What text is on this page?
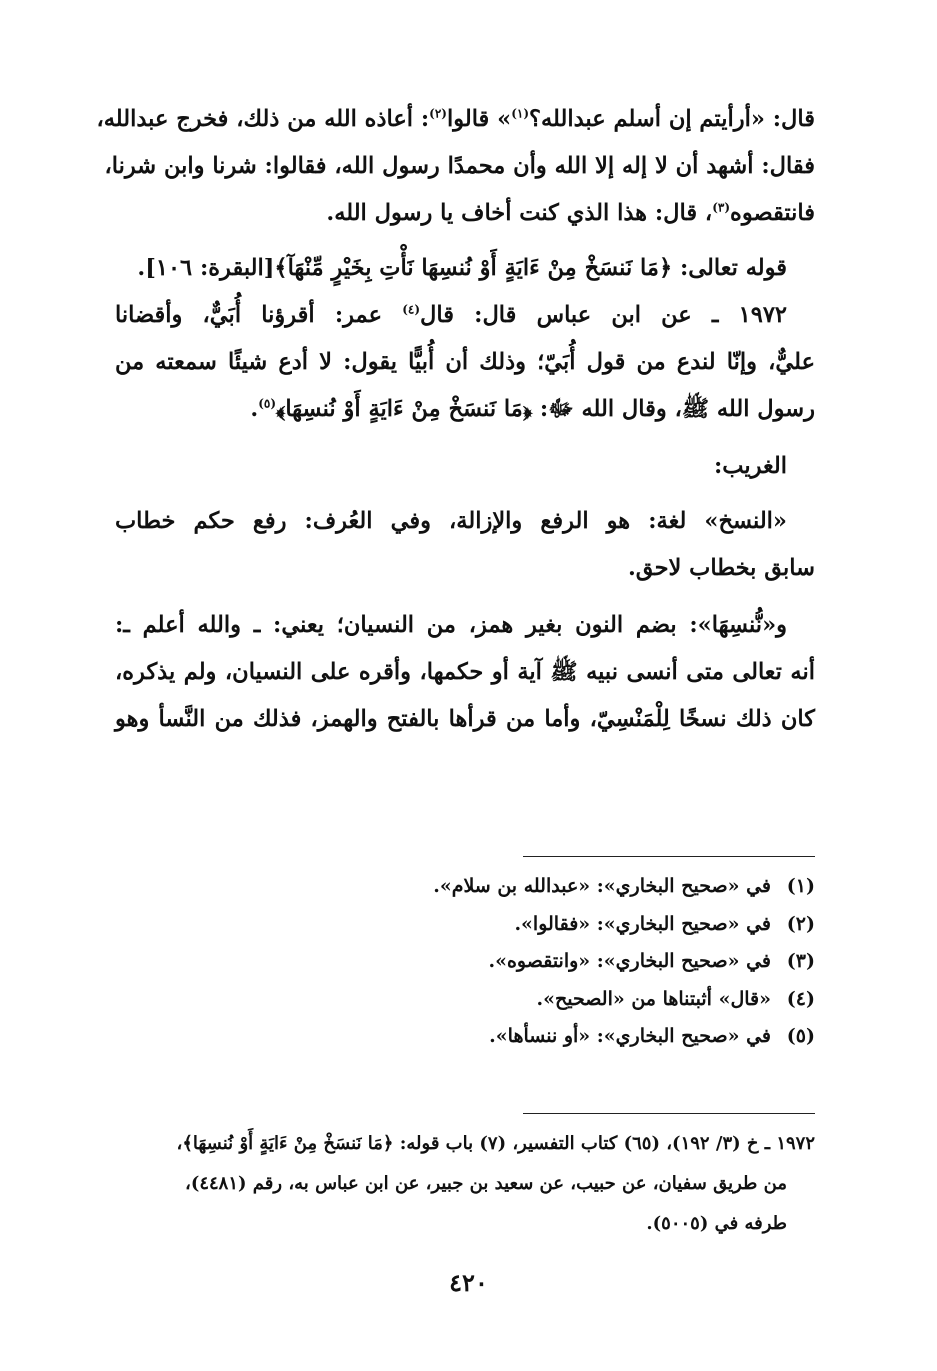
قال: «أرأيتم إن أسلم عبدالله؟$^{(١)}$» قالوا$^{(٢)}$: أعاذه الله من ذلك، فخرج عبدالله،
فقال: أشهد أن لا إله إلا الله وأن محمدًا رسول الله، فقالوا: شرنا وابن شرنا،
فانتقصوه$^{(٣)}$، قال: هذا الذي كنت أخاف يا رسول الله.

قوله تعالى: ﴿مَا نَنسَخْ مِنْ ءَايَةٍ أَوْ نُنسِهَا نَأْتِ بِخَيْرٍ مِّنْهَآ﴾[البقرة: ١٠٦].

١٩٧٢ ـ عن ابن عباس قال: قال$^{(٤)}$ عمر: أقرؤنا أُبَيٌّ، وأقضانا
عليٌّ، وإنّا لندع من قول أُبَيّ؛ وذلك أن أُبيًّا يقول: لا أدع شيئًا سمعته من
رسول الله ﷺ، وقال الله ﷻ: ﴿مَا نَنسَخْ مِنْ ءَايَةٍ أَوْ نُنسِهَا﴾$^{(٥)}$.

الغريب:

«النسخ» لغة: هو الرفع والإزالة، وفي العُرف: رفع حكم خطاب
سابق بخطاب لاحق.

و«نُّنسِهَا»: بضم النون بغير همز، من النسيان؛ يعني: ـ والله أعلم ـ:
أنه تعالى متى أنسى نبيه ﷺ آية أو حكمها، وأقره على النسيان، ولم يذكره،
كان ذلك نسخًا لِلْمَنْسِيّ، وأما من قرأها بالفتح والهمز، فذلك من النَّسأ وهو

(١)في «صحيح البخاري»: «عبدالله بن سلام».
(٢)في «صحيح البخاري»: «فقالوا».
(٣)في «صحيح البخاري»: «وانتقصوه».
(٤)«قال» أثبتناها من «الصحيح».
(٥)في «صحيح البخاري»: «أو ننسأها».
١٩٧٢ ـ خ (٣/ ١٩٢)، (٦٥) كتاب التفسير، (٧) باب قوله: ﴿مَا نَنسَخْ مِنْ ءَايَةٍ أَوْ نُنسِهَا﴾،
من طريق سفيان، عن حبيب، عن سعيد بن جبير، عن ابن عباس به، رقم (٤٤٨١)،
طرفه في (٥٠٠٥).
٤٢٠
